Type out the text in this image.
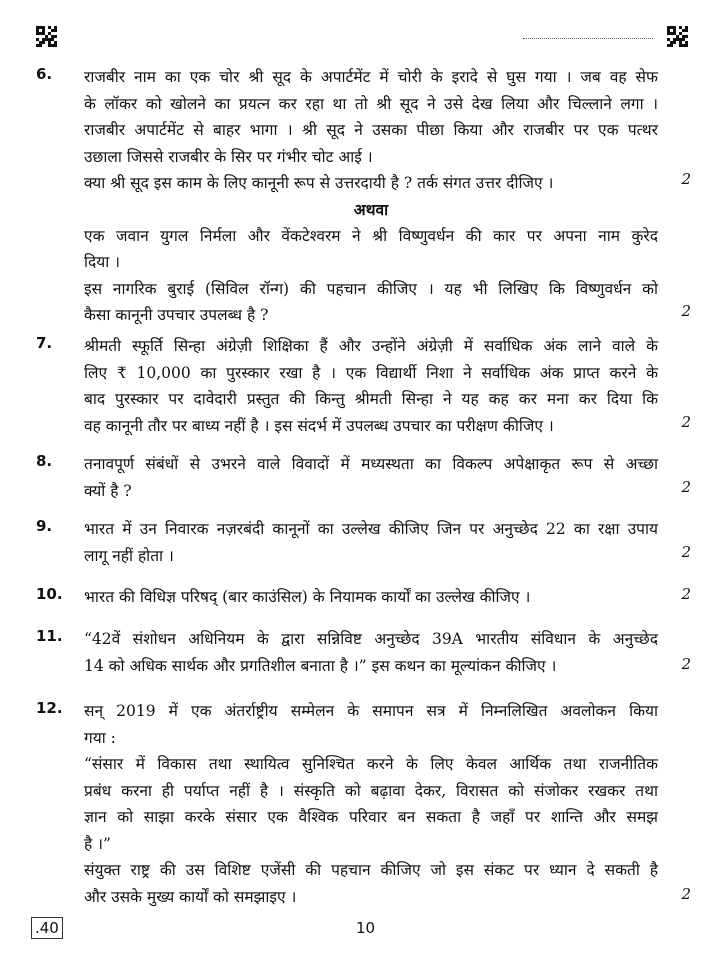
6. राजबीर नाम का एक चोर श्री सूद के अपार्टमेंट में चोरी के इरादे से घुस गया । जब वह सेफ
के लॉकर को खोलने का प्रयत्न कर रहा था तो श्री सूद ने उसे देख लिया और चिल्लाने लगा ।
राजबीर अपार्टमेंट से बाहर भागा । श्री सूद ने उसका पीछा किया और राजबीर पर एक पत्थर
उछाला जिससे राजबीर के सिर पर गंभीर चोट आई ।
क्या श्री सूद इस काम के लिए कानूनी रूप से उत्तरदायी है ? तर्क संगत उत्तर दीजिए ।
अथवा
एक जवान युगल निर्मला और वेंकटेश्वरम ने श्री विष्णुवर्धन की कार पर अपना नाम कुरेद
दिया ।
इस नागरिक बुराई (सिविल रॉन्ग) की पहचान कीजिए । यह भी लिखिए कि विष्णुवर्धन को
कैसा कानूनी उपचार उपलब्ध है ?
2
2
7. श्रीमती स्फूर्ति सिन्हा अंग्रेज़ी शिक्षिका हैं और उन्होंने अंग्रेज़ी में सर्वाधिक अंक लाने वाले के
लिए ₹ 10,000 का पुरस्कार रखा है । एक विद्यार्थी निशा ने सर्वाधिक अंक प्राप्त करने के
बाद पुरस्कार पर दावेदारी प्रस्तुत की किन्तु श्रीमती सिन्हा ने यह कह कर मना कर दिया कि
वह कानूनी तौर पर बाध्य नहीं है । इस संदर्भ में उपलब्ध उपचार का परीक्षण कीजिए ।	2
8. तनावपूर्ण संबंधों से उभरने वाले विवादों में मध्यस्थता का विकल्प अपेक्षाकृत रूप से अच्छा
क्यों है ?	2
9. भारत में उन निवारक नज़रबंदी कानूनों का उल्लेख कीजिए जिन पर अनुच्छेद 22 का रक्षा उपाय
लागू नहीं होता ।	2
10. भारत की विधिज्ञ परिषद् (बार काउंसिल) के नियामक कार्यों का उल्लेख कीजिए ।	2
11. “42वें संशोधन अधिनियम के द्वारा सन्निविष्ट अनुच्छेद 39A भारतीय संविधान के अनुच्छेद
14 को अधिक सार्थक और प्रगतिशील बनाता है ।” इस कथन का मूल्यांकन कीजिए ।	2
12. सन् 2019 में एक अंतर्राष्ट्रीय सम्मेलन के समापन सत्र में निम्नलिखित अवलोकन किया
गया :
“संसार में विकास तथा स्थायित्व सुनिश्चित करने के लिए केवल आर्थिक तथा राजनीतिक
प्रबंध करना ही पर्याप्त नहीं है । संस्कृति को बढ़ावा देकर, विरासत को संजोकर रखकर तथा
ज्ञान को साझा करके संसार एक वैश्विक परिवार बन सकता है जहाँ पर शान्ति और समझ
है ।”
संयुक्त राष्ट्र की उस विशिष्ट एजेंसी की पहचान कीजिए जो इस संकट पर ध्यान दे सकती है
और उसके मुख्य कार्यों को समझाइए ।	2
.40	10
